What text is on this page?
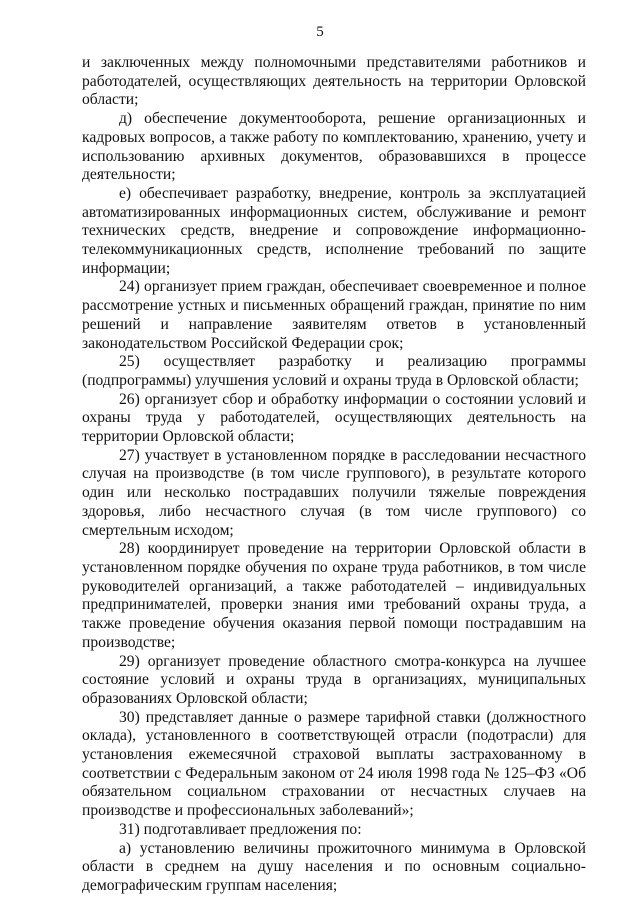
5

и заключенных между полномочными представителями работников и работодателей, осуществляющих деятельность на территории Орловской области;

д) обеспечение документооборота, решение организационных и кадровых вопросов, а также работу по комплектованию, хранению, учету и использованию архивных документов, образовавшихся в процессе деятельности;

е) обеспечивает разработку, внедрение, контроль за эксплуатацией автоматизированных информационных систем, обслуживание и ремонт технических средств, внедрение и сопровождение информационно-телекоммуникационных средств, исполнение требований по защите информации;

24) организует прием граждан, обеспечивает своевременное и полное рассмотрение устных и письменных обращений граждан, принятие по ним решений и направление заявителям ответов в установленный законодательством Российской Федерации срок;

25) осуществляет разработку и реализацию программы (подпрограммы) улучшения условий и охраны труда в Орловской области;

26) организует сбор и обработку информации о состоянии условий и охраны труда у работодателей, осуществляющих деятельность на территории Орловской области;

27) участвует в установленном порядке в расследовании несчастного случая на производстве (в том числе группового), в результате которого один или несколько пострадавших получили тяжелые повреждения здоровья, либо несчастного случая (в том числе группового) со смертельным исходом;

28) координирует проведение на территории Орловской области в установленном порядке обучения по охране труда работников, в том числе руководителей организаций, а также работодателей – индивидуальных предпринимателей, проверки знания ими требований охраны труда, а также проведение обучения оказания первой помощи пострадавшим на производстве;

29) организует проведение областного смотра-конкурса на лучшее состояние условий и охраны труда в организациях, муниципальных образованиях Орловской области;

30) представляет данные о размере тарифной ставки (должностного оклада), установленного в соответствующей отрасли (подотрасли) для установления ежемесячной страховой выплаты застрахованному в соответствии с Федеральным законом от 24 июля 1998 года № 125–ФЗ «Об обязательном социальном страховании от несчастных случаев на производстве и профессиональных заболеваний»;

31) подготавливает предложения по:

а) установлению величины прожиточного минимума в Орловской области в среднем на душу населения и по основным социально-демографическим группам населения;
